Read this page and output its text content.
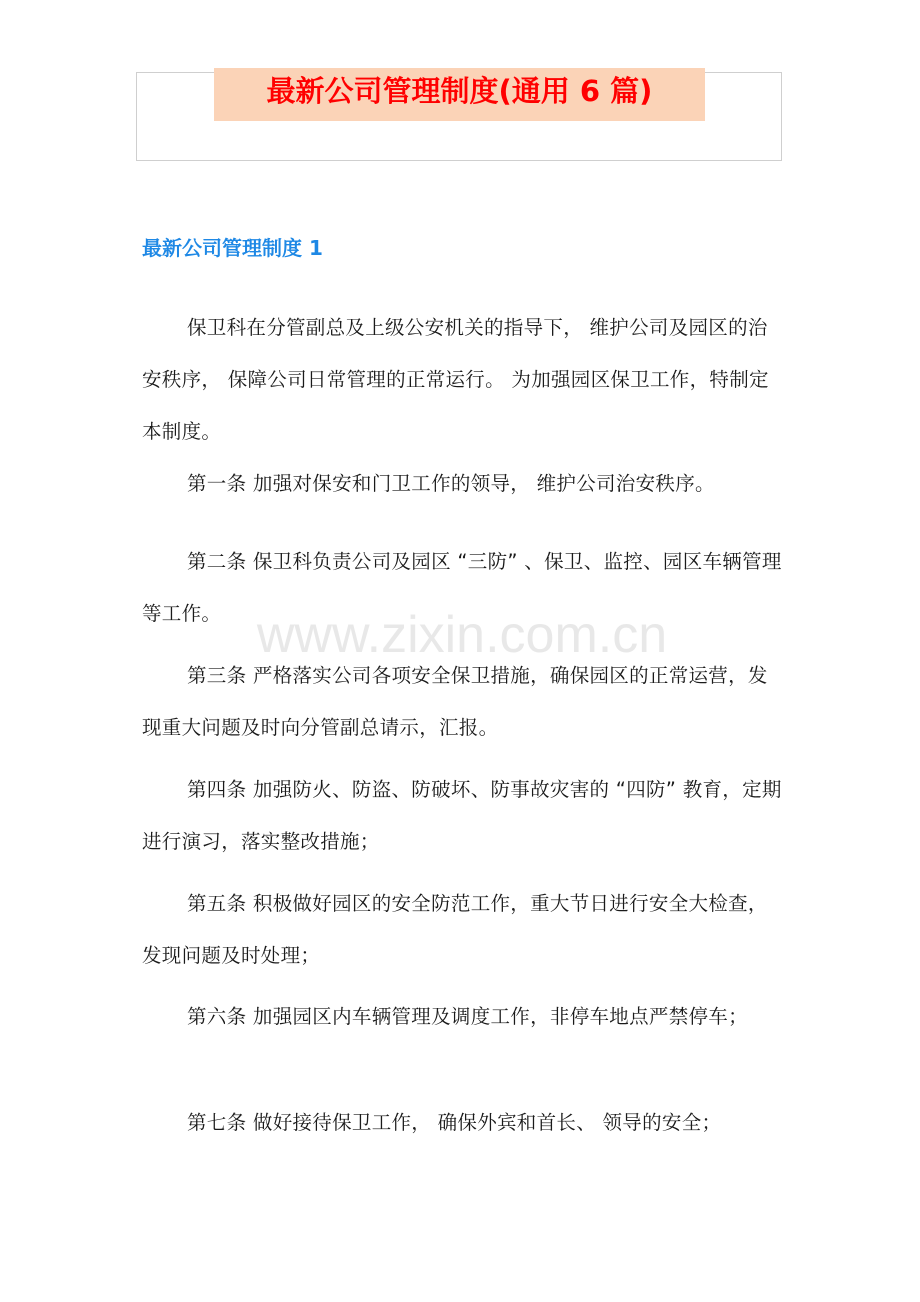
最新公司管理制度(通用 6 篇)
最新公司管理制度 1

保卫科在分管副总及上级公安机关的指导下， 维护公司及园区的治安秩序， 保障公司日常管理的正常运行。 为加强园区保卫工作，特制定本制度。

第一条 加强对保安和门卫工作的领导， 维护公司治安秩序。

第二条 保卫科负责公司及园区 “三防” 、保卫、监控、园区车辆管理等工作。

第三条 严格落实公司各项安全保卫措施，确保园区的正常运营，发现重大问题及时向分管副总请示，汇报。

第四条 加强防火、防盗、防破坏、防事故灾害的 “四防” 教育，定期进行演习，落实整改措施；

第五条 积极做好园区的安全防范工作，重大节日进行安全大检查，发现问题及时处理；

第六条 加强园区内车辆管理及调度工作，非停车地点严禁停车；

第七条 做好接待保卫工作， 确保外宾和首长、 领导的安全；

www.zixin.com.cn
